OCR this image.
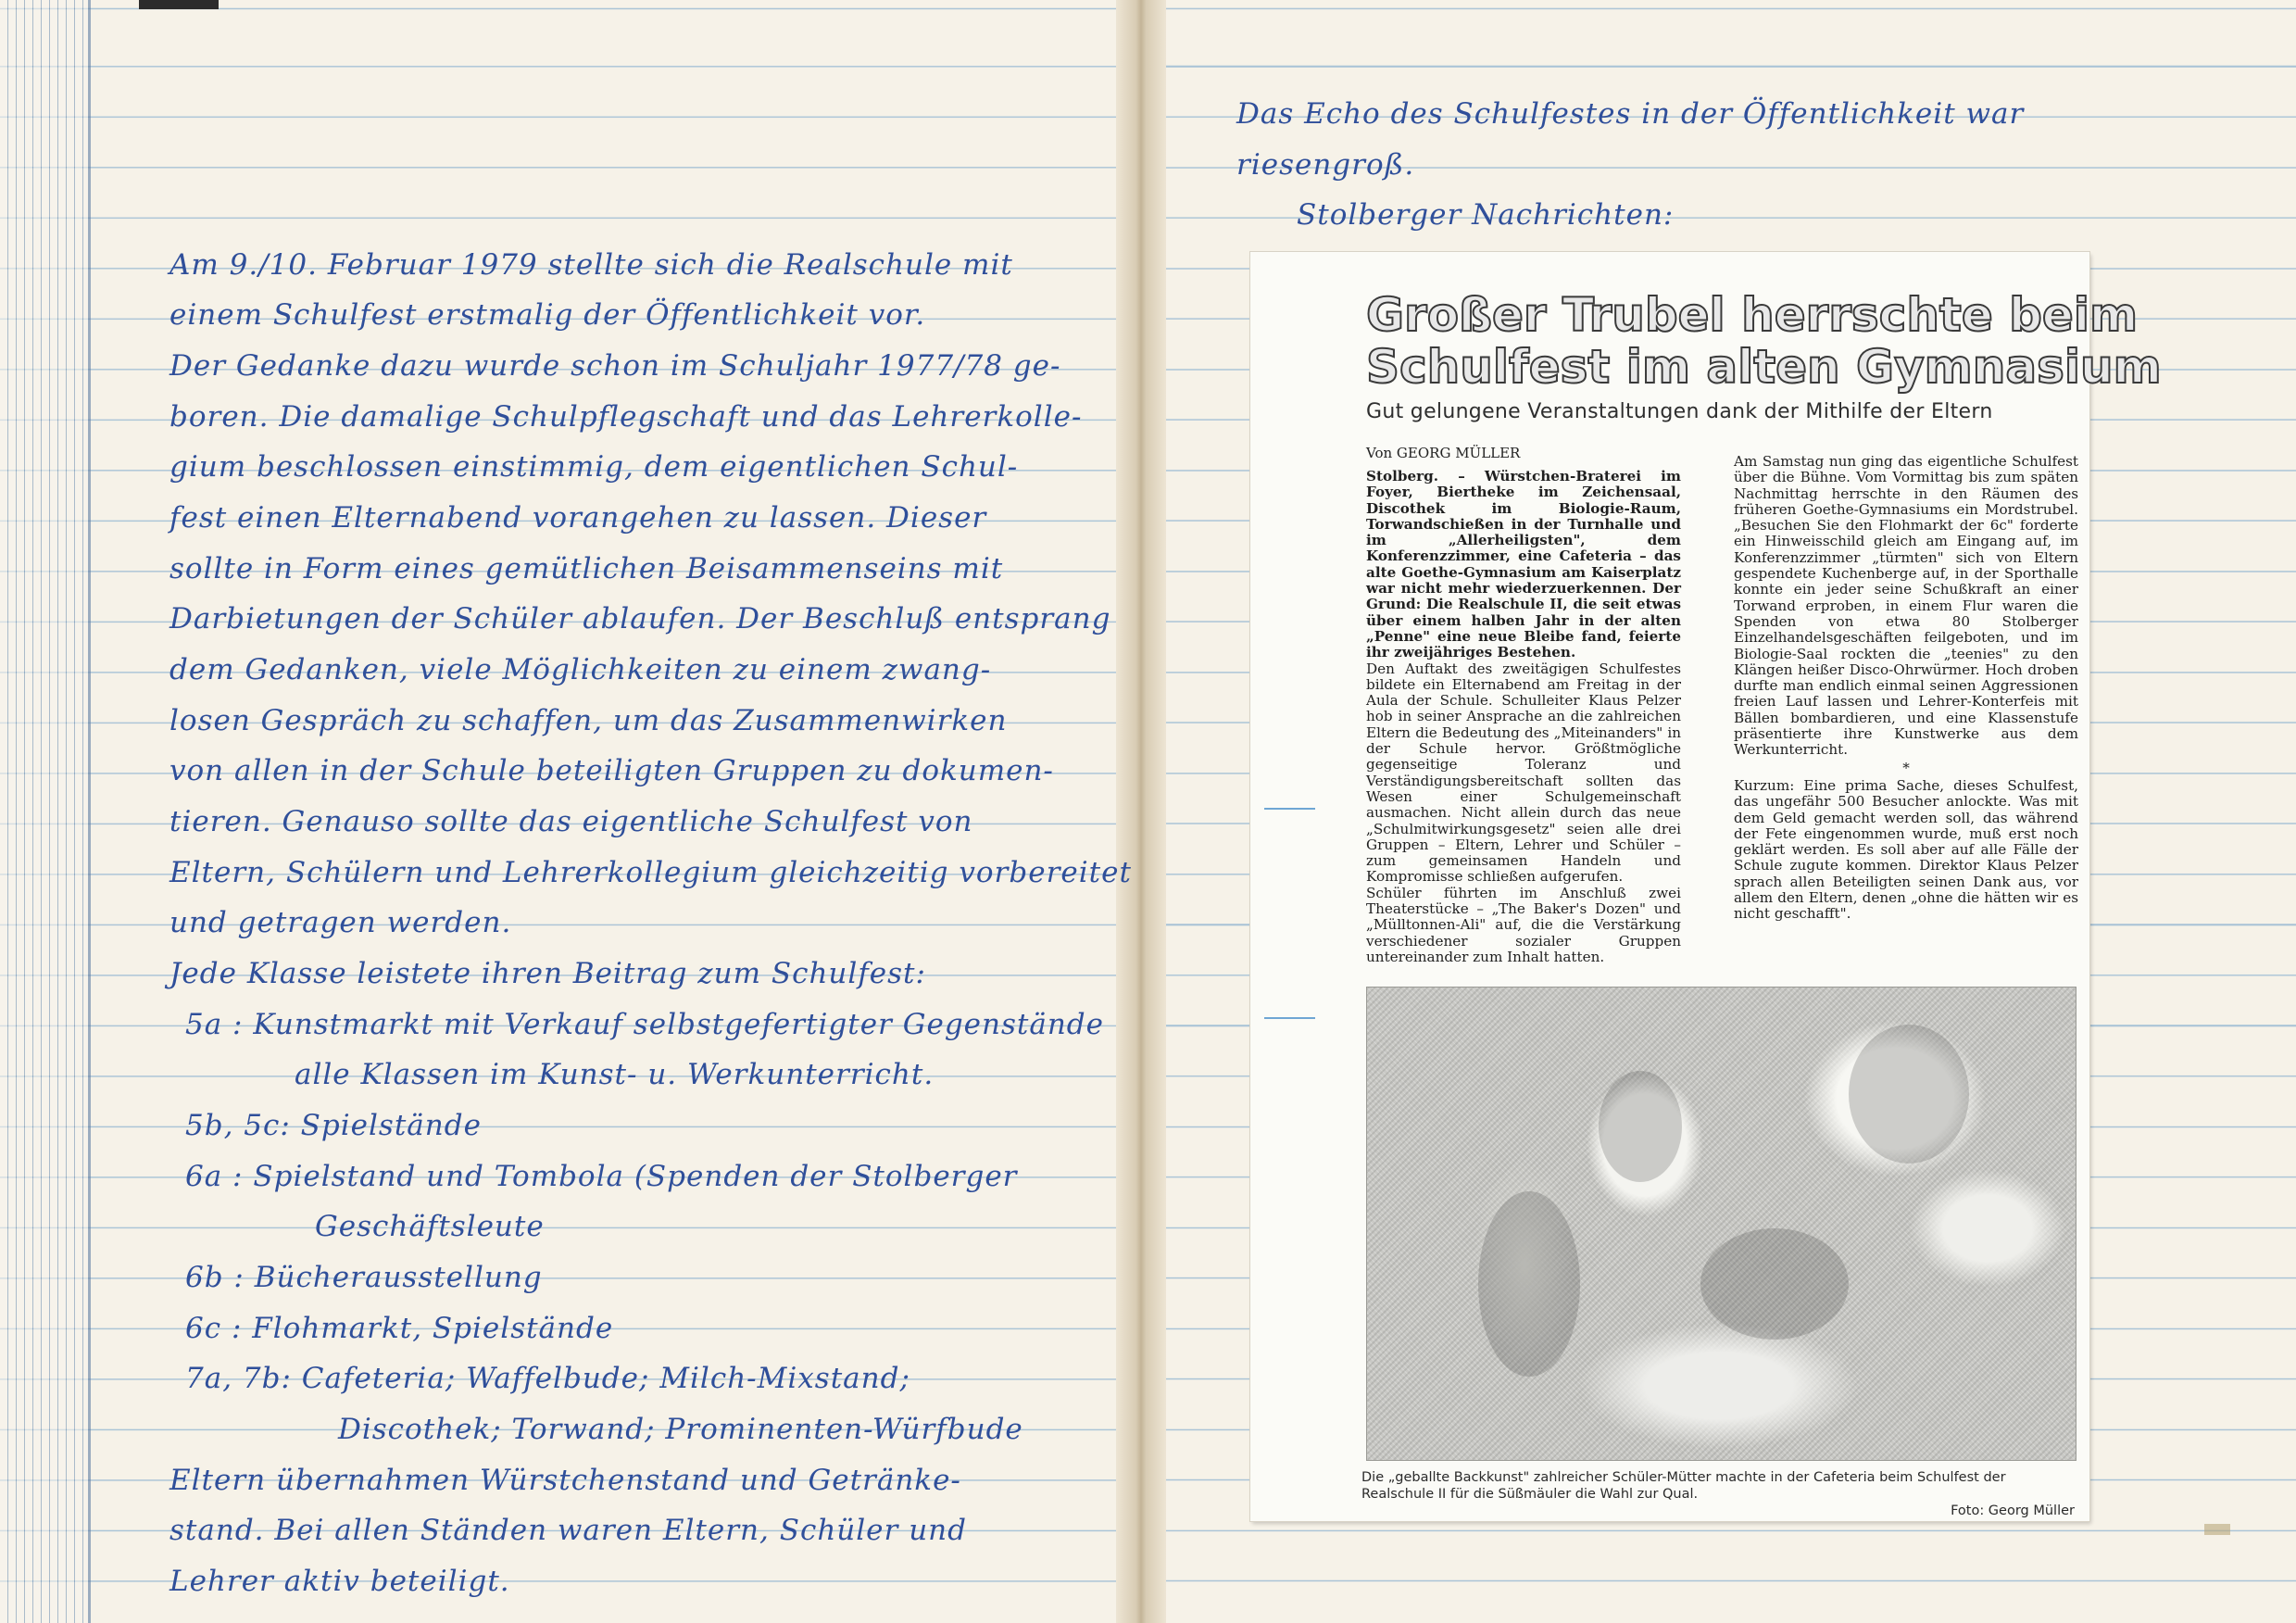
Am 9./10. Februar 1979 stellte sich die Realschule mit
einem Schulfest erstmalig der Öffentlichkeit vor.
Der Gedanke dazu wurde schon im Schuljahr 1977/78 ge-
boren. Die damalige Schulpflegschaft und das Lehrerkolle-
gium beschlossen einstimmig, dem eigentlichen Schul-
fest einen Elternabend vorangehen zu lassen. Dieser
sollte in Form eines gemütlichen Beisammenseins mit
Darbietungen der Schüler ablaufen. Der Beschluß entsprang
dem Gedanken, viele Möglichkeiten zu einem zwang-
losen Gespräch zu schaffen, um das Zusammenwirken
von allen in der Schule beteiligten Gruppen zu dokumen-
tieren. Genauso sollte das eigentliche Schulfest von
Eltern, Schülern und Lehrerkollegium gleichzeitig vorbereitet
und getragen werden.
Jede Klasse leistete ihren Beitrag zum Schulfest:
5a : Kunstmarkt mit Verkauf selbstgefertigter Gegenstände
alle Klassen im Kunst- u. Werkunterricht.
5b, 5c: Spielstände
6a : Spielstand und Tombola (Spenden der Stolberger
Geschäftsleute
6b : Bücherausstellung
6c : Flohmarkt, Spielstände
7a, 7b: Cafeteria; Waffelbude; Milch-Mixstand;
Discothek; Torwand; Prominenten-Würfbude
Eltern übernahmen Würstchenstand und Getränke-
stand. Bei allen Ständen waren Eltern, Schüler und
Lehrer aktiv beteiligt.
Das Echo des Schulfestes in der Öffentlichkeit war
riesengroß.
Stolberger Nachrichten:
Großer Trubel herrschte beim
Schulfest im alten Gymnasium
Gut gelungene Veranstaltungen dank der Mithilfe der Eltern
Von GEORG MÜLLER

Stolberg. – Würstchen-Braterei im Foyer, Biertheke im Zeichensaal, Discothek im Biologie-Raum, Torwandschießen in der Turnhalle und im „Allerheiligsten", dem Konferenzzimmer, eine Cafeteria – das alte Goethe-Gymnasium am Kaiserplatz war nicht mehr wiederzuerkennen. Der Grund: Die Realschule II, die seit etwas über einem halben Jahr in der alten „Penne" eine neue Bleibe fand, feierte ihr zweijähriges Bestehen.

Den Auftakt des zweitägigen Schulfestes bildete ein Elternabend am Freitag in der Aula der Schule. Schulleiter Klaus Pelzer hob in seiner Ansprache an die zahlreichen Eltern die Bedeutung des „Miteinanders" in der Schule hervor. Größtmögliche gegenseitige Toleranz und Verständigungsbereitschaft sollten das Wesen einer Schulgemeinschaft ausmachen. Nicht allein durch das neue „Schulmitwirkungsgesetz" seien alle drei Gruppen – Eltern, Lehrer und Schüler – zum gemeinsamen Handeln und Kompromisse schließen aufgerufen.

Schüler führten im Anschluß zwei Theaterstücke – „The Baker's Dozen" und „Mülltonnen-Ali" auf, die die Verstärkung verschiedener sozialer Gruppen untereinander zum Inhalt hatten.

Am Samstag nun ging das eigentliche Schulfest über die Bühne. Vom Vormittag bis zum späten Nachmittag herrschte in den Räumen des früheren Goethe-Gymnasiums ein Mordstrubel. „Besuchen Sie den Flohmarkt der 6c" forderte ein Hinweisschild gleich am Eingang auf, im Konferenzzimmer „türmten" sich von Eltern gespendete Kuchenberge auf, in der Sporthalle konnte ein jeder seine Schußkraft an einer Torwand erproben, in einem Flur waren die Spenden von etwa 80 Stolberger Einzelhandelsgeschäften feilgeboten, und im Biologie-Saal rockten die „teenies" zu den Klängen heißer Disco-Ohrwürmer. Hoch droben durfte man endlich einmal seinen Aggressionen freien Lauf lassen und Lehrer-Konterfeis mit Bällen bombardieren, und eine Klassenstufe präsentierte ihre Kunstwerke aus dem Werkunterricht.

*

Kurzum: Eine prima Sache, dieses Schulfest, das ungefähr 500 Besucher anlockte. Was mit dem Geld gemacht werden soll, das während der Fete eingenommen wurde, muß erst noch geklärt werden. Es soll aber auf alle Fälle der Schule zugute kommen. Direktor Klaus Pelzer sprach allen Beteiligten seinen Dank aus, vor allem den Eltern, denen „ohne die hätten wir es nicht geschafft".

Die „geballte Backkunst" zahlreicher Schüler-Mütter machte in der Cafeteria beim Schulfest der Realschule II für die Süßmäuler die Wahl zur Qual.
Foto: Georg Müller
